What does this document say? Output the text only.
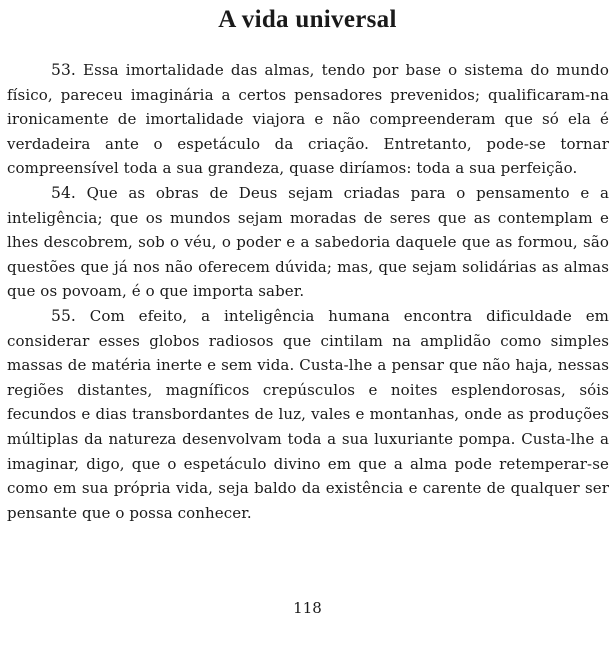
A vida universal

53. Essa imortalidade das almas, tendo por base o sistema do mundo físico, pareceu imaginária a certos pensadores prevenidos; qualificaram-na ironicamente de imortalidade viajora e não compreenderam que só ela é verdadeira ante o espetáculo da criação. Entretanto, pode-se tornar compreensível toda a sua grandeza, quase diríamos: toda a sua perfeição.

54. Que as obras de Deus sejam criadas para o pensamento e a inteligência; que os mundos sejam moradas de seres que as contemplam e lhes descobrem, sob o véu, o poder e a sabedoria daquele que as formou, são questões que já nos não oferecem dúvida; mas, que sejam solidárias as almas que os povoam, é o que importa saber.

55. Com efeito, a inteligência humana encontra dificuldade em considerar esses globos radiosos que cintilam na amplidão como simples massas de matéria inerte e sem vida. Custa-lhe a pensar que não haja, nessas regiões distantes, magníficos crepúsculos e noites esplendorosas, sóis fecundos e dias transbordantes de luz, vales e montanhas, onde as produções múltiplas da natureza desenvolvam toda a sua luxuriante pompa. Custa-lhe a imaginar, digo, que o espetáculo divino em que a alma pode retemperar-se como em sua própria vida, seja baldo da existência e carente de qualquer ser pensante que o possa conhecer.

118
